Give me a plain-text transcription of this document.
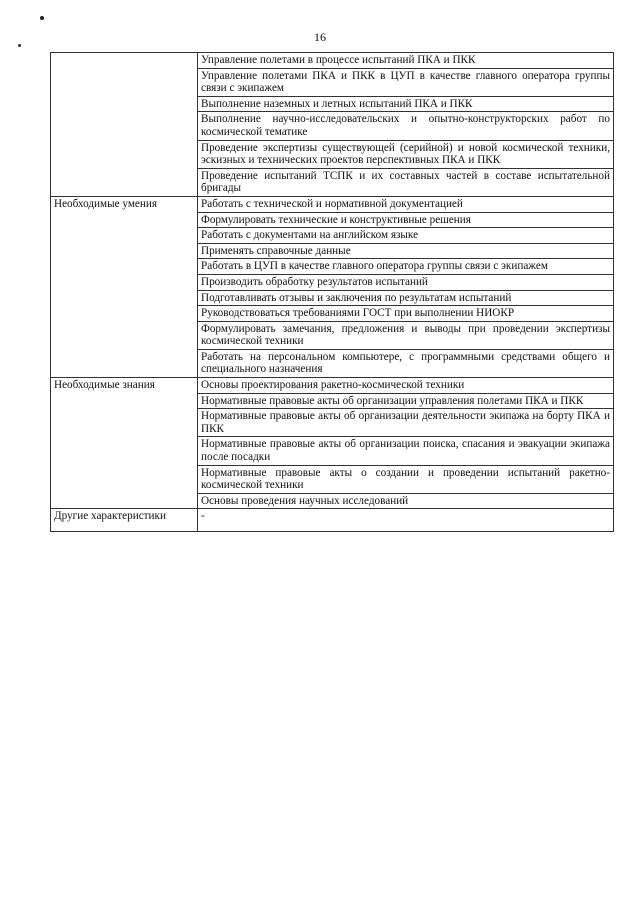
16
	Управление полетами в процессе испытаний ПКА и ПКК
	Управление полетами ПКА и ПКК в ЦУП в качестве главного оператора группы связи с экипажем
	Выполнение наземных и летных испытаний ПКА и ПКК
	Выполнение научно-исследовательских и опытно-конструкторских работ по космической тематике
	Проведение экспертизы существующей (серийной) и новой космической техники, эскизных и технических проектов перспективных ПКА и ПКК
	Проведение испытаний ТСПК и их составных частей в составе испытательной бригады
Необходимые умения	Работать с технической и нормативной документацией
	Формулировать технические и конструктивные решения
	Работать с документами на английском языке
	Применять справочные данные
	Работать в ЦУП в качестве главного оператора группы связи с экипажем
	Производить обработку результатов испытаний
	Подготавливать отзывы и заключения по результатам испытаний
	Руководствоваться требованиями ГОСТ при выполнении НИОКР
	Формулировать замечания, предложения и выводы при проведении экспертизы космической техники
	Работать на персональном компьютере, с программными средствами общего и специального назначения
Необходимые знания	Основы проектирования ракетно-космической техники
	Нормативные правовые акты об организации управления полетами ПКА и ПКК
	Нормативные правовые акты об организации деятельности экипажа на борту ПКА и ПКК
	Нормативные правовые акты об организации поиска, спасания и эвакуации экипажа после посадки
	Нормативные правовые акты о создании и проведении испытаний ракетно-космической техники
	Основы проведения научных исследований
Другие характеристики	-
